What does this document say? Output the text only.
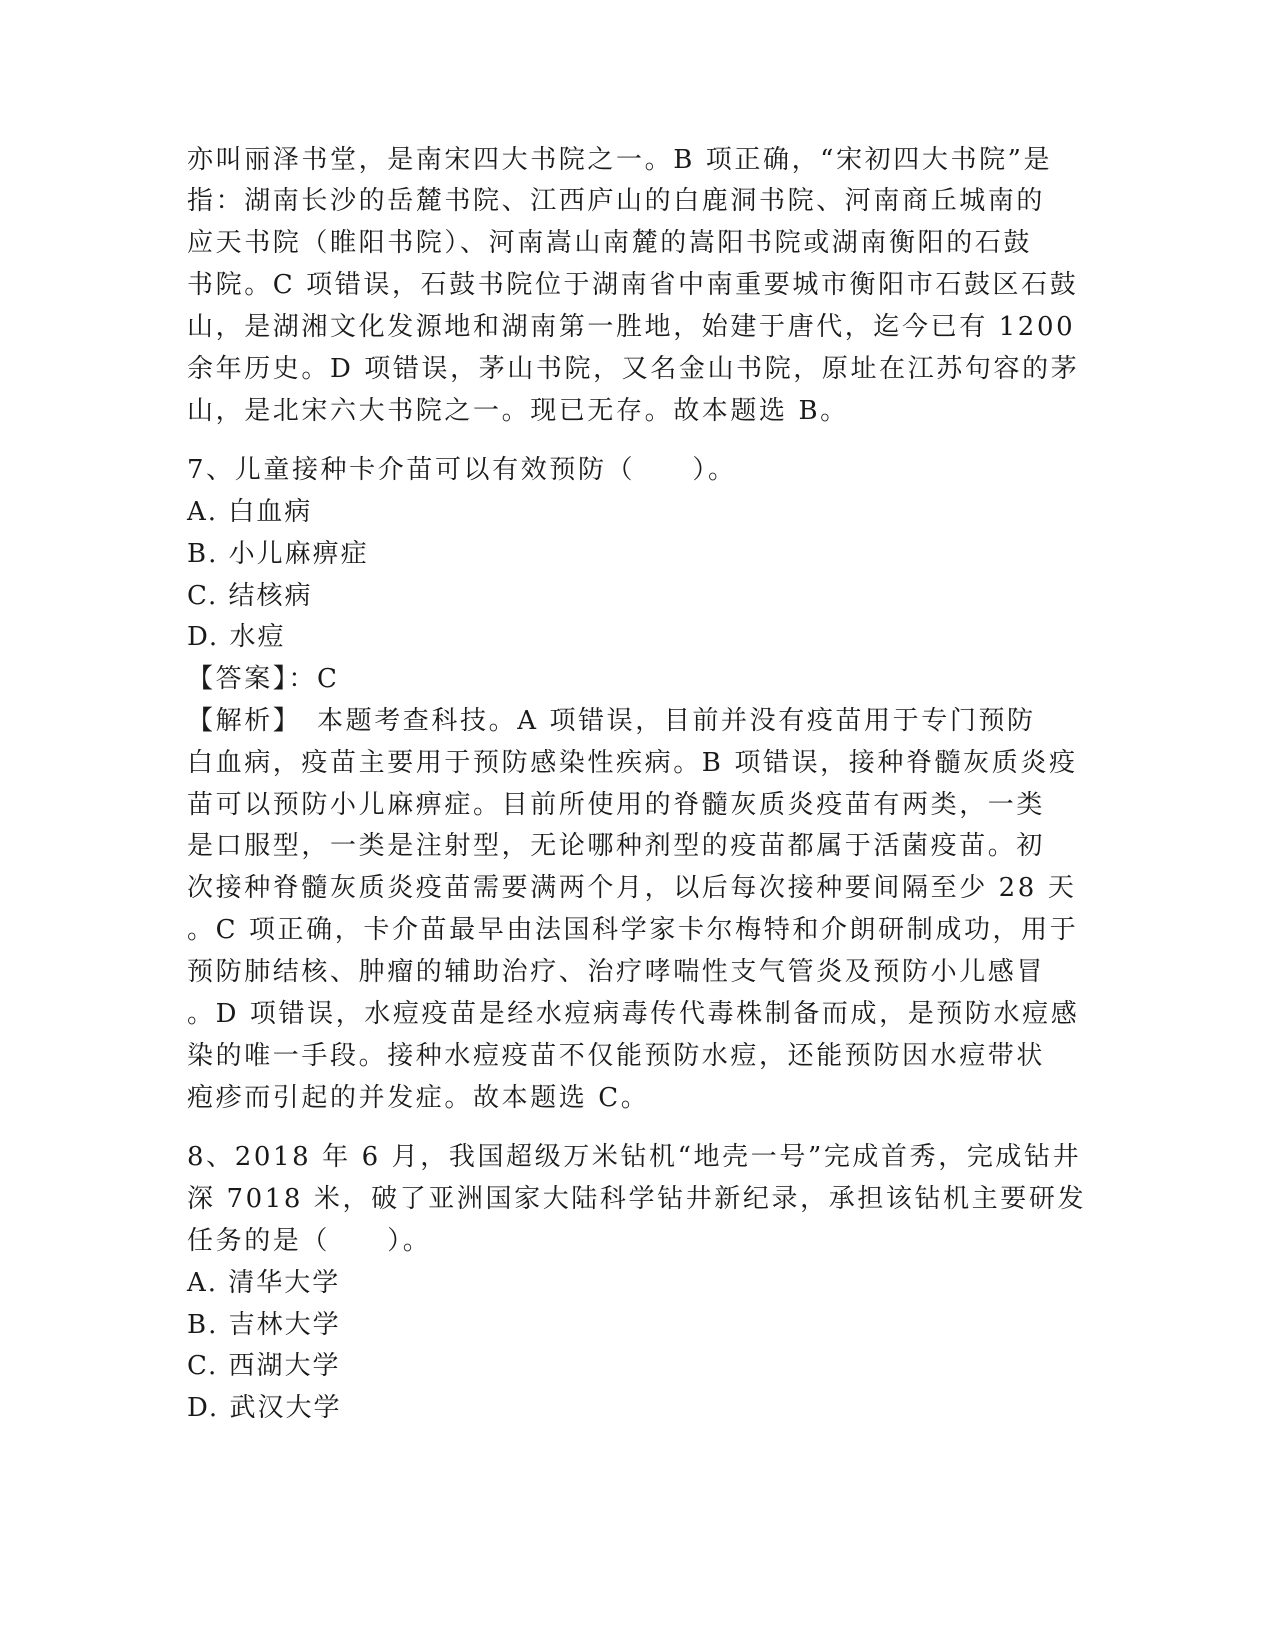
亦叫丽泽书堂，是南宋四大书院之一。B 项正确，“宋初四大书院”是
指：湖南长沙的岳麓书院、江西庐山的白鹿洞书院、河南商丘城南的
应天书院（睢阳书院）、河南嵩山南麓的嵩阳书院或湖南衡阳的石鼓
书院。C 项错误，石鼓书院位于湖南省中南重要城市衡阳市石鼓区石鼓
山，是湖湘文化发源地和湖南第一胜地，始建于唐代，迄今已有 1200
余年历史。D 项错误，茅山书院，又名金山书院，原址在江苏句容的茅
山，是北宋六大书院之一。现已无存。故本题选 B。
7、儿童接种卡介苗可以有效预防（　　）。
A. 白血病
B. 小儿麻痹症
C. 结核病
D. 水痘
【答案】：C
【解析】　本题考查科技。A 项错误，目前并没有疫苗用于专门预防
白血病，疫苗主要用于预防感染性疾病。B 项错误，接种脊髓灰质炎疫
苗可以预防小儿麻痹症。目前所使用的脊髓灰质炎疫苗有两类，一类
是口服型，一类是注射型，无论哪种剂型的疫苗都属于活菌疫苗。初
次接种脊髓灰质炎疫苗需要满两个月，以后每次接种要间隔至少 28 天
。C 项正确，卡介苗最早由法国科学家卡尔梅特和介朗研制成功，用于
预防肺结核、肿瘤的辅助治疗、治疗哮喘性支气管炎及预防小儿感冒
。D 项错误，水痘疫苗是经水痘病毒传代毒株制备而成，是预防水痘感
染的唯一手段。接种水痘疫苗不仅能预防水痘，还能预防因水痘带状
疱疹而引起的并发症。故本题选 C。
8、2018 年 6 月，我国超级万米钻机“地壳一号”完成首秀，完成钻井
深 7018 米，破了亚洲国家大陆科学钻井新纪录，承担该钻机主要研发
任务的是（　　）。
A. 清华大学
B. 吉林大学
C. 西湖大学
D. 武汉大学
